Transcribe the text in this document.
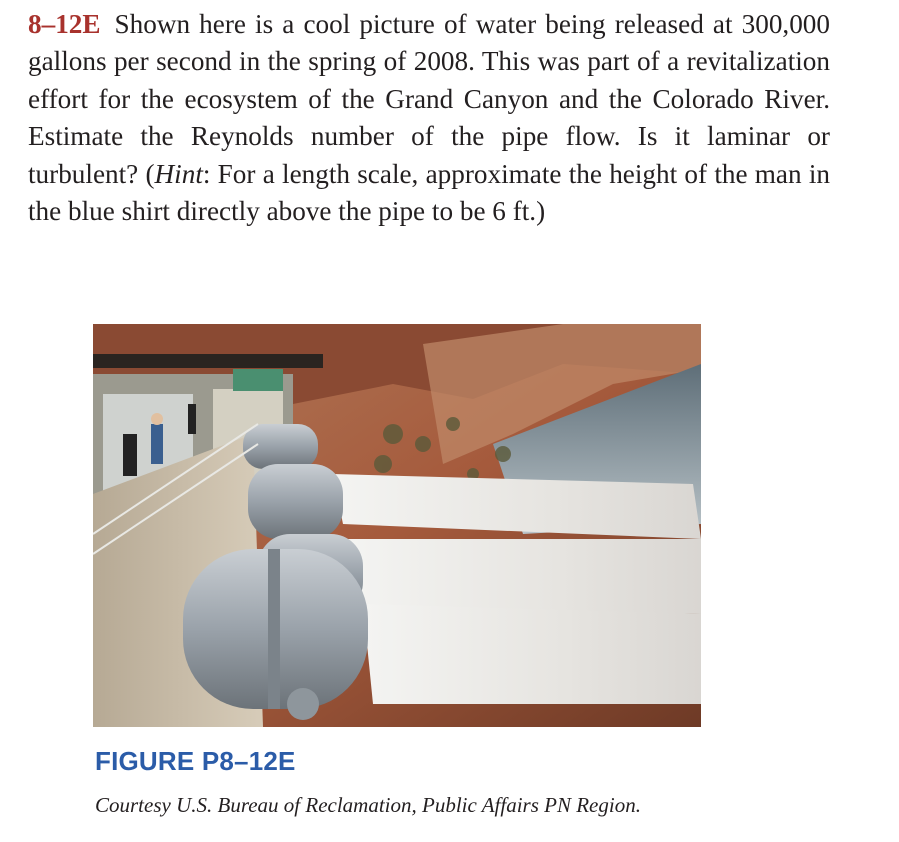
8–12E Shown here is a cool picture of water being released at 300,000 gallons per second in the spring of 2008. This was part of a revitalization effort for the ecosystem of the Grand Canyon and the Colorado River. Estimate the Reynolds number of the pipe flow. Is it laminar or turbulent? (Hint: For a length scale, approximate the height of the man in the blue shirt directly above the pipe to be 6 ft.)
FIGURE P8–12E
Courtesy U.S. Bureau of Reclamation, Public Affairs PN Region.
